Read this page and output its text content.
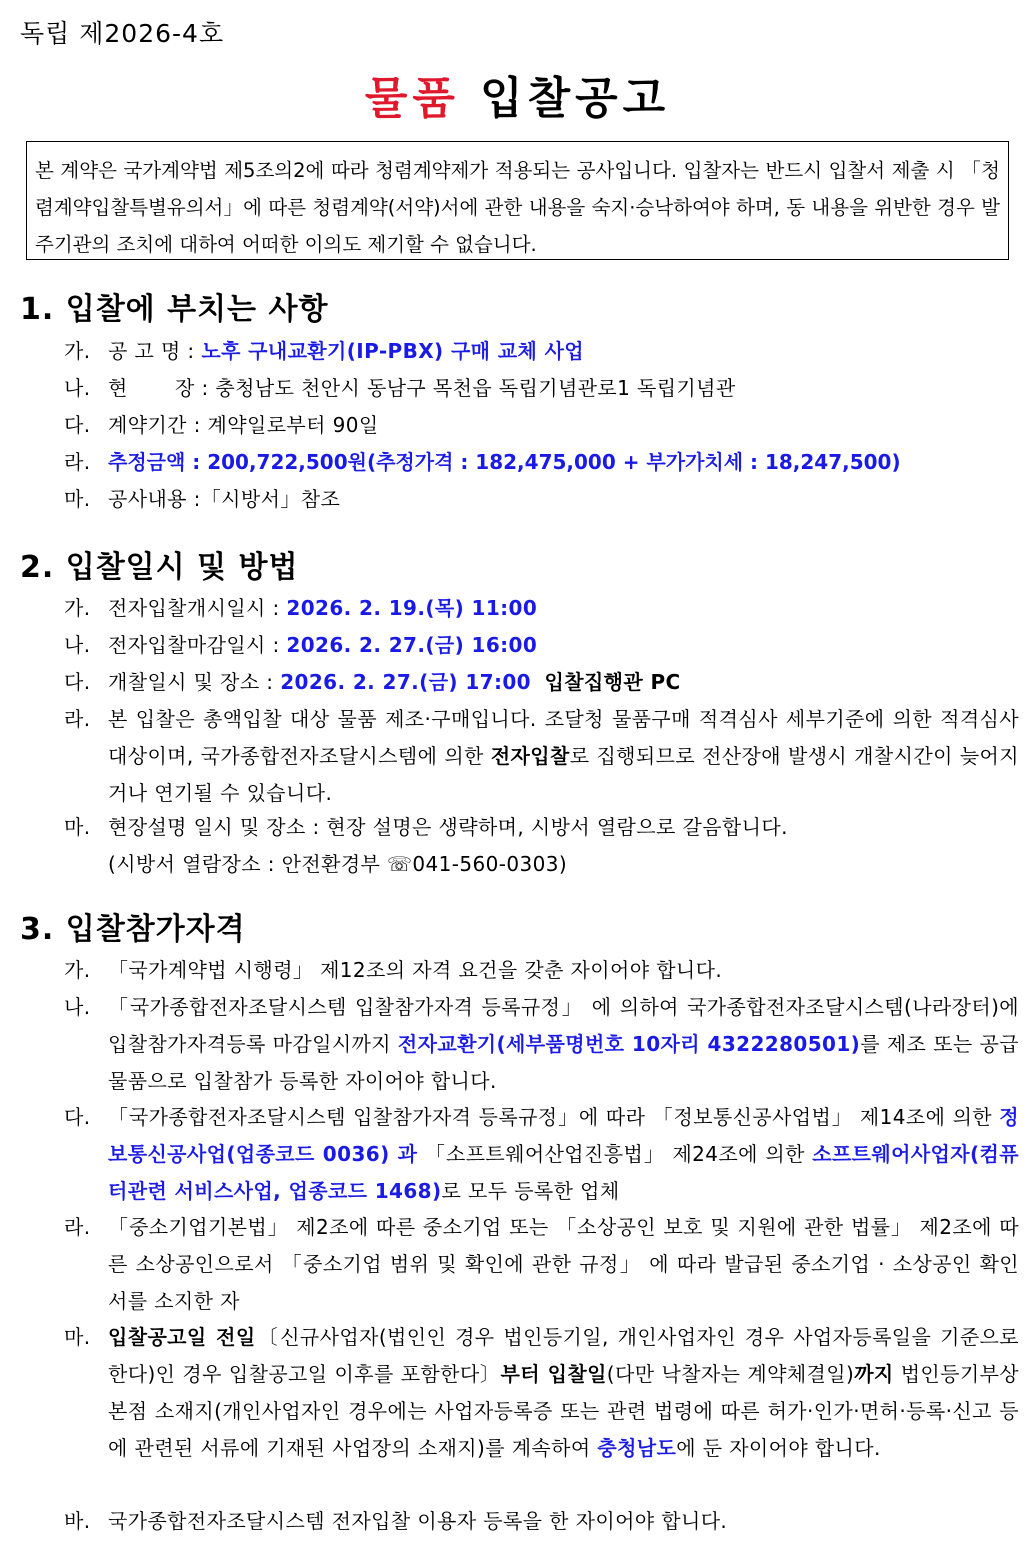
독립 제2026-4호
물품 입찰공고
본 계약은 국가계약법 제5조의2에 따라 청렴계약제가 적용되는 공사입니다. 입찰자는 반드시 입찰서 제출 시 「청렴계약입찰특별유의서」에 따른 청렴계약(서약)서에 관한 내용을 숙지·승낙하여야 하며, 동 내용을 위반한 경우 발주기관의 조치에 대하여 어떠한 이의도 제기할 수 없습니다.
1. 입찰에 부치는 사항
가. 공 고 명 : 노후 구내교환기(IP-PBX) 구매 교체 사업
나. 현       장 : 충청남도 천안시 동남구 목천읍 독립기념관로1 독립기념관
다. 계약기간 : 계약일로부터 90일
라. 추정금액 : 200,722,500원(추정가격 : 182,475,000 + 부가가치세 : 18,247,500)
마. 공사내용 :「시방서」참조
2. 입찰일시 및 방법
가. 전자입찰개시일시 : 2026. 2. 19.(목) 11:00
나. 전자입찰마감일시 : 2026. 2. 27.(금) 16:00
다. 개찰일시 및 장소 : 2026. 2. 27.(금) 17:00 입찰집행관 PC
라. 본 입찰은 총액입찰 대상 물품 제조·구매입니다. 조달청 물품구매 적격심사 세부기준에 의한 적격심사 대상이며, 국가종합전자조달시스템에 의한 전자입찰로 집행되므로 전산장애 발생시 개찰시간이 늦어지거나 연기될 수 있습니다.
마. 현장설명 일시 및 장소 : 현장 설명은 생략하며, 시방서 열람으로 갈음합니다.
(시방서 열람장소 : 안전환경부 ☏041-560-0303)
3. 입찰참가자격
가. 「국가계약법 시행령」 제12조의 자격 요건을 갖춘 자이어야 합니다.
나. 「국가종합전자조달시스템 입찰참가자격 등록규정」 에 의하여 국가종합전자조달시스템(나라장터)에 입찰참가자격등록 마감일시까지 전자교환기(세부품명번호 10자리 4322280501)를 제조 또는 공급물품으로 입찰참가 등록한 자이어야 합니다.
다. 「국가종합전자조달시스템 입찰참가자격 등록규정」에 따라 「정보통신공사업법」 제14조에 의한 정보통신공사업(업종코드 0036) 과 「소프트웨어산업진흥법」 제24조에 의한 소프트웨어사업자(컴퓨터관련 서비스사업, 업종코드 1468)로 모두 등록한 업체
라. 「중소기업기본법」 제2조에 따른 중소기업 또는 「소상공인 보호 및 지원에 관한 법률」 제2조에 따른 소상공인으로서 「중소기업 범위 및 확인에 관한 규정」 에 따라 발급된 중소기업 · 소상공인 확인서를 소지한 자
마. 입찰공고일 전일〔신규사업자(법인인 경우 법인등기일, 개인사업자인 경우 사업자등록일을 기준으로 한다)인 경우 입찰공고일 이후를 포함한다〕부터 입찰일(다만 낙찰자는 계약체결일)까지 법인등기부상 본점 소재지(개인사업자인 경우에는 사업자등록증 또는 관련 법령에 따른 허가·인가·면허·등록·신고 등에 관련된 서류에 기재된 사업장의 소재지)를 계속하여 충청남도에 둔 자이어야 합니다.
바. 국가종합전자조달시스템 전자입찰 이용자 등록을 한 자이어야 합니다.
